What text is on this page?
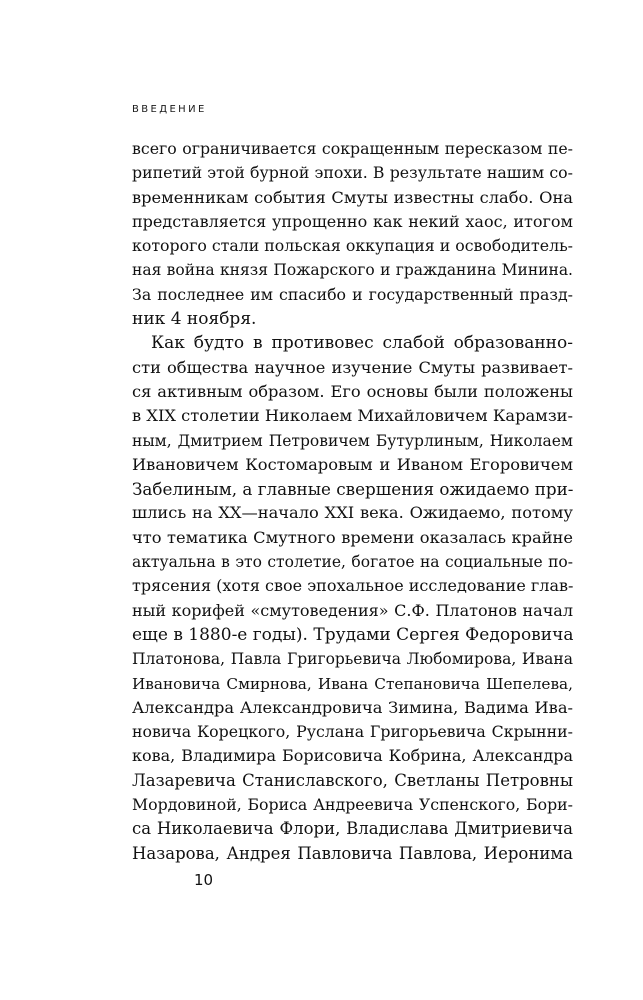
ВВЕДЕНИЕ

всего ограничивается сокращенным пересказом пе-
рипетий этой бурной эпохи. В результате нашим со-
временникам события Смуты известны слабо. Она
представляется упрощенно как некий хаос, итогом
которого стали польская оккупация и освободитель-
ная война князя Пожарского и гражданина Минина.
За последнее им спасибо и государственный празд-
ник 4 ноября.

Как будто в противовес слабой образованно-
сти общества научное изучение Смуты развивает-
ся активным образом. Его основы были положены
в XIX столетии Николаем Михайловичем Карамзи-
ным, Дмитрием Петровичем Бутурлиным, Николаем
Ивановичем Костомаровым и Иваном Егоровичем
Забелиным, а главные свершения ожидаемо при-
шлись на XX—начало XXI века. Ожидаемо, потому
что тематика Смутного времени оказалась крайне
актуальна в это столетие, богатое на социальные по-
трясения (хотя свое эпохальное исследование глав-
ный корифей «смутоведения» С.Ф. Платонов начал
еще в 1880-е годы). Трудами Сергея Федоровича
Платонова, Павла Григорьевича Любомирова, Ивана
Ивановича Смирнова, Ивана Степановича Шепелева,
Александра Александровича Зимина, Вадима Ива-
новича Корецкого, Руслана Григорьевича Скрынни-
кова, Владимира Борисовича Кобрина, Александра
Лазаревича Станиславского, Светланы Петровны
Мордовиной, Бориса Андреевича Успенского, Бори-
са Николаевича Флори, Владислава Дмитриевича
Назарова, Андрея Павловича Павлова, Иеронима

10
